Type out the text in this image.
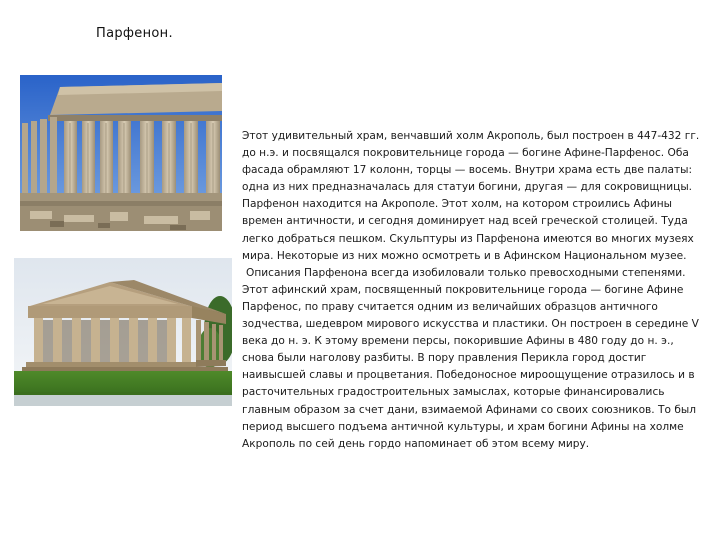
Парфенон.

Этот удивительный храм, венчавший холм Акрополь, был построен в 447-432 гг. до н.э. и посвящался покровительнице города — богине Афине-Парфенос. Оба фасада обрамляют 17 колонн, торцы — восемь. Внутри храма есть две палаты: одна из них предназначалась для статуи богини, другая — для сокровищницы. Парфенон находится на Акрополе. Этот холм, на котором строились Афины времен античности, и сегодня доминирует над всей греческой столицей. Туда легко добраться пешком. Скульптуры из Парфенона имеются во многих музеях мира. Некоторые из них можно осмотреть и в Афинском Национальном музее.

Описания Парфенона всегда изобиловали только превосходными степенями. Этот афинский храм, посвященный покровительнице города — богине Афине Парфенос, по праву считается одним из величайших образцов античного зодчества, шедевром мирового искусства и пластики. Он построен в середине V века до н. э. К этому времени персы, покорившие Афины в 480 году до н. э., снова были наголову разбиты. В пору правления Перикла город достиг наивысшей славы и процветания. Победоносное мироощущение отразилось и в расточительных градостроительных замыслах, которые финансировались главным образом за счет дани, взимаемой Афинами со своих союзников. То был период высшего подъема античной культуры, и храм богини Афины на холме Акрополь по сей день гордо напоминает об этом всему миру.
